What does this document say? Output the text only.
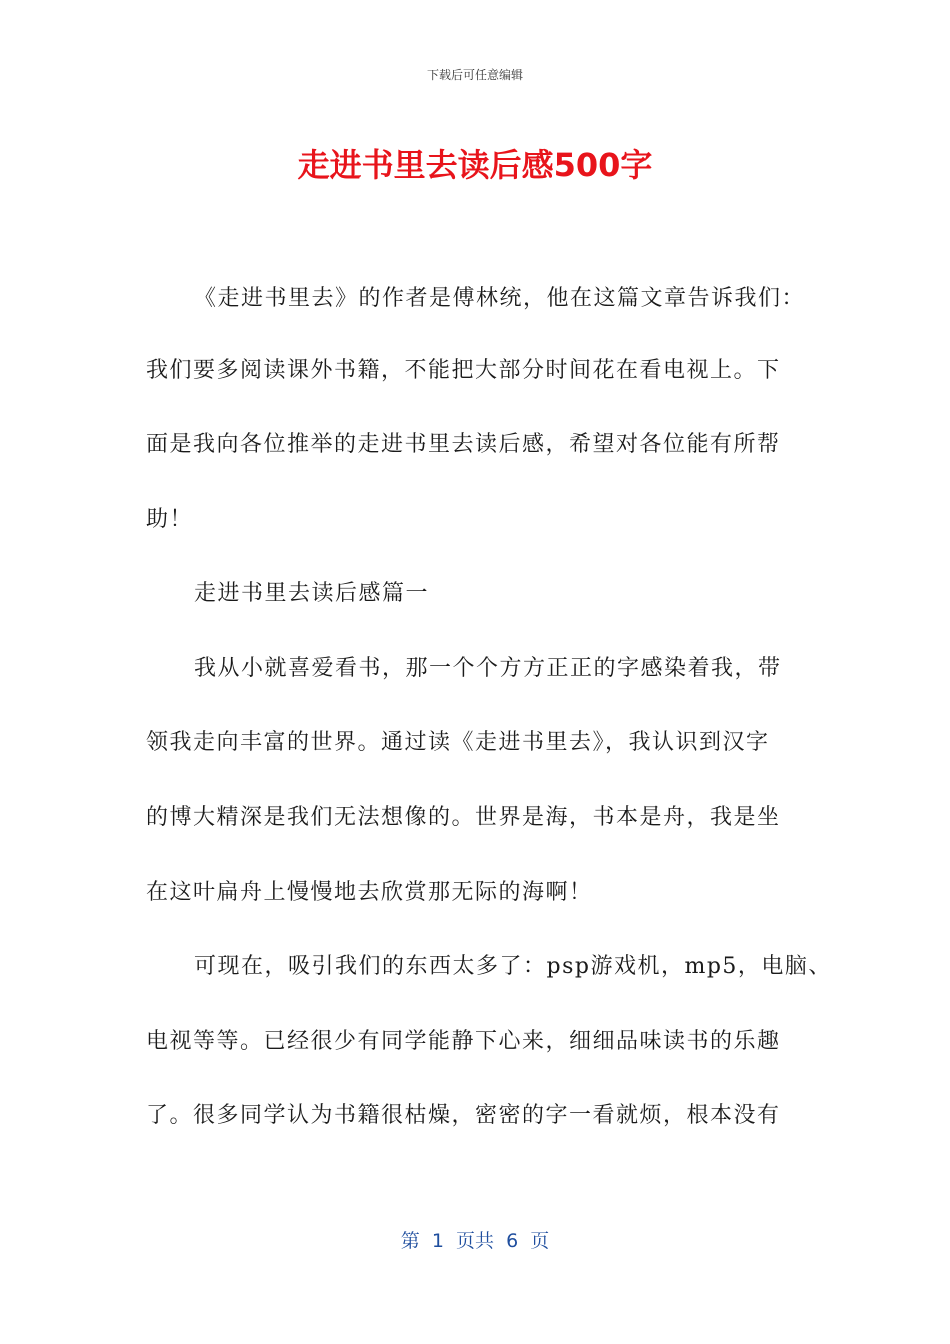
下载后可任意编辑
走进书里去读后感500字
《走进书里去》的作者是傅林统，他在这篇文章告诉我们：
我们要多阅读课外书籍，不能把大部分时间花在看电视上。下
面是我向各位推举的走进书里去读后感，希望对各位能有所帮
助！
走进书里去读后感篇一
我从小就喜爱看书，那一个个方方正正的字感染着我，带
领我走向丰富的世界。通过读《走进书里去》，我认识到汉字
的博大精深是我们无法想像的。世界是海，书本是舟，我是坐
在这叶扁舟上慢慢地去欣赏那无际的海啊！
可现在，吸引我们的东西太多了：psp游戏机，mp5，电脑、
电视等等。已经很少有同学能静下心来，细细品味读书的乐趣
了。很多同学认为书籍很枯燥，密密的字一看就烦，根本没有
第  1  页共  6  页
